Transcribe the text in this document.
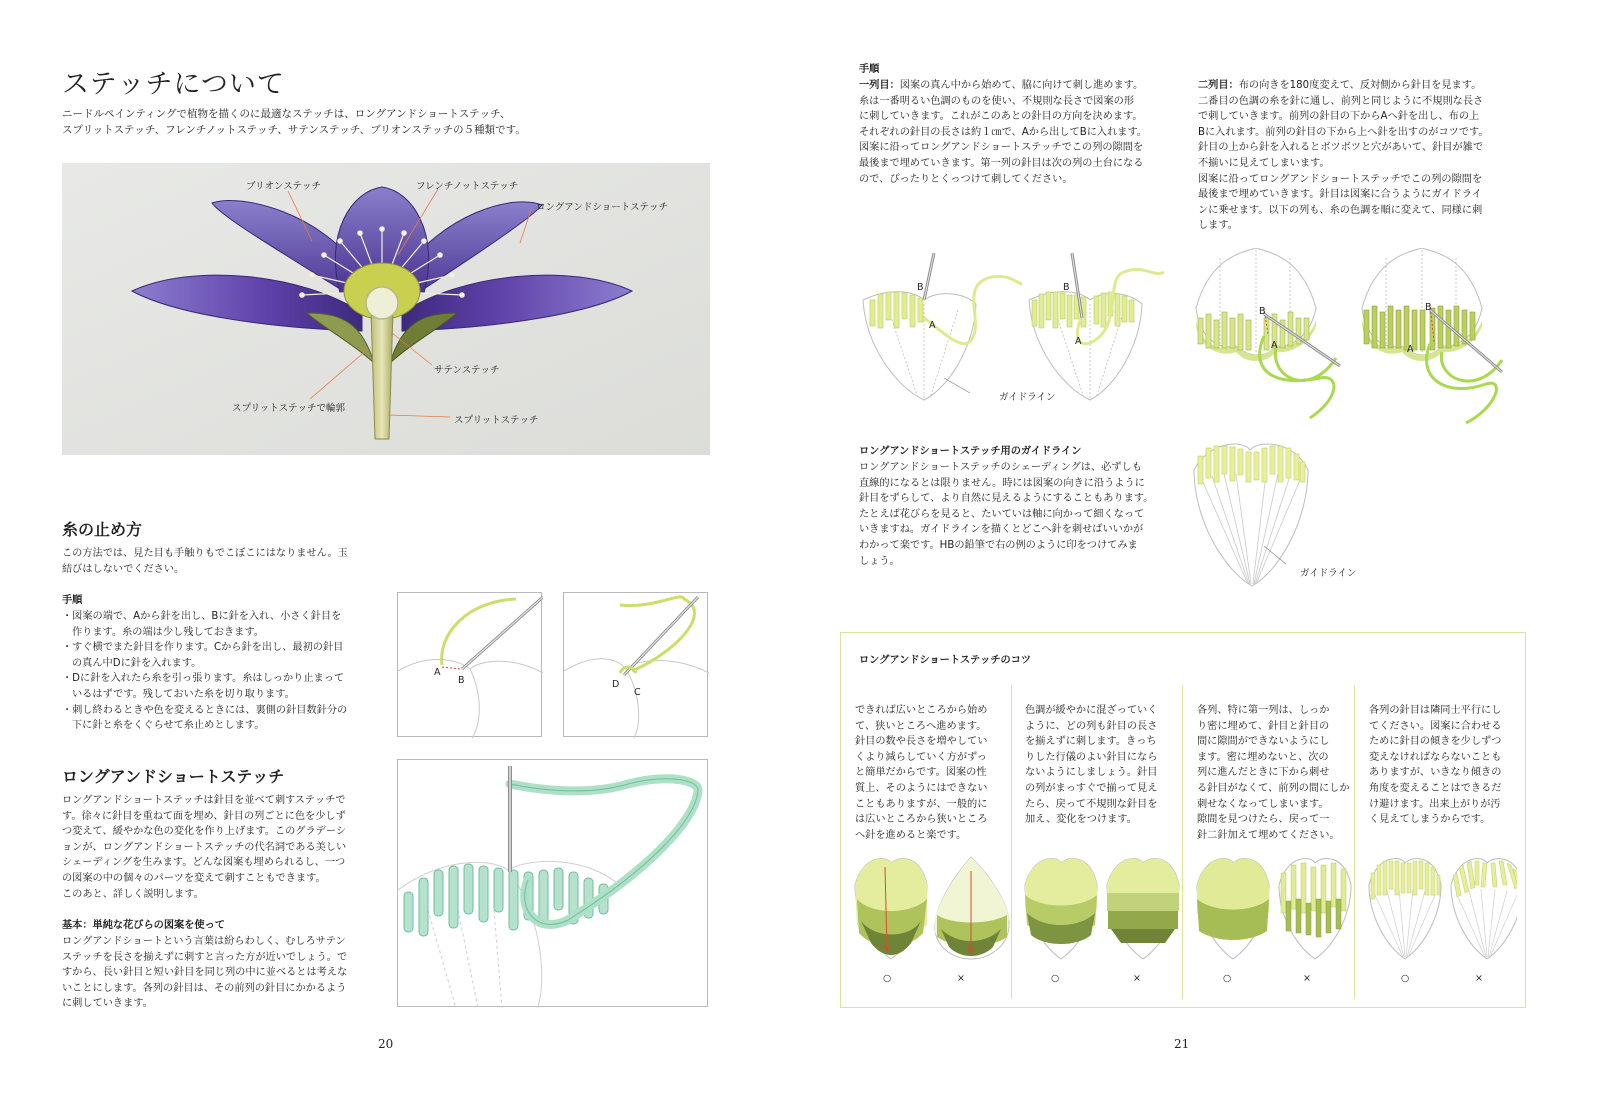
ステッチについて
ニードルペインティングで植物を描くのに最適なステッチは、ロングアンドショートステッチ、
スプリットステッチ、フレンチノットステッチ、サテンステッチ、ブリオンステッチの５種類です。
ブリオンステッチ	フレンチノットステッチ
ロングアンドショートステッチ
サテンステッチ
スプリットステッチで輪郭
スプリットステッチ
糸の止め方
この方法では、見た目も手触りもでこぼこにはなりません。玉
結びはしないでください。
手順
・図案の端で、Aから針を出し、Bに針を入れ、小さく針目を
作ります。糸の端は少し残しておきます。
・すぐ横でまた針目を作ります。Cから針を出し、最初の針目
の真ん中Dに針を入れます。
・Dに針を入れたら糸を引っ張ります。糸はしっかり止まって
いるはずです。残しておいた糸を切り取ります。
・刺し終わるときや色を変えるときには、裏側の針目数針分の
下に針と糸をくぐらせて糸止めとします。
A
B	D
C
ロングアンドショートステッチ
ロングアンドショートステッチは針目を並べて刺すステッチで
す。徐々に針目を重ねて面を埋め、針目の列ごとに色を少しず
つ変えて、緩やかな色の変化を作り上げます。このグラデーシ
ョンが、ロングアンドショートステッチの代名詞である美しい
シェーディングを生みます。どんな図案も埋められるし、一つ
の図案の中の個々のパーツを変えて刺すこともできます。
このあと、詳しく説明します。
基本：単純な花びらの図案を使って
ロングアンドショートという言葉は紛らわしく、むしろサテン
ステッチを長さを揃えずに刺すと言った方が近いでしょう。で
すから、長い針目と短い針目を同じ列の中に並べるとは考えな
いことにします。各列の針目は、その前列の針目にかかるよう
に刺していきます。
20
手順
一列目：図案の真ん中から始めて、脇に向けて刺し進めます。
糸は一番明るい色調のものを使い、不規則な長さで図案の形
に刺していきます。これがこのあとの針目の方向を決めます。
それぞれの針目の長さは約１㎝で、Aから出してBに入れます。
図案に沿ってロングアンドショートステッチでこの列の隙間を
最後まで埋めていきます。第一列の針目は次の列の土台になる
ので、ぴったりとくっつけて刺してください。
二列目：布の向きを180度変えて、反対側から針目を見ます。
二番目の色調の糸を針に通し、前列と同じように不規則な長さ
で刺していきます。前列の針目の下からAへ針を出し、布の上
Bに入れます。前列の針目の下から上へ針を出すのがコツです。
針目の上から針を入れるとボツボツと穴があいて、針目が雑で
不揃いに見えてしまいます。
図案に沿ってロングアンドショートステッチでこの列の隙間を
最後まで埋めていきます。針目は図案に合うようにガイドライ
ンに乗せます。以下の列も、糸の色調を順に変えて、同様に刺
します。
B
A
ガイドライン
B
A
B
A
B
A
ロングアンドショートステッチ用のガイドライン
ロングアンドショートステッチのシェーディングは、必ずしも
直線的になるとは限りません。時には図案の向きに沿うように
針目をずらして、より自然に見えるようにすることもあります。
たとえば花びらを見ると、たいていは軸に向かって細くなって
いきますね。ガイドラインを描くとどこへ針を刺せばいいかが
わかって楽です。HBの鉛筆で右の例のように印をつけてみま
しょう。
ガイドライン
ロングアンドショートステッチのコツ
できれば広いところから始め
て、狭いところへ進めます。
針目の数や長さを増やしてい
くより減らしていく方がずっ
と簡単だからです。図案の性
質上、そのようにはできない
こともありますが、一般的に
は広いところから狭いところ
へ針を進めると楽です。
色調が緩やかに混ざっていく
ように、どの列も針目の長さ
を揃えずに刺します。きっち
りした行儀のよい針目になら
ないようにしましょう。針目
の列がまっすぐで揃って見え
たら、戻って不規則な針目を
加え、変化をつけます。
各列、特に第一列は、しっか
り密に埋めて、針目と針目の
間に隙間ができないようにし
ます。密に埋めないと、次の
列に進んだときに下から刺せ
る針目がなくて、前列の間にしか
刺せなくなってしまいます。
隙間を見つけたら、戻って一
針二針加えて埋めてください。
各列の針目は隣同士平行にし
てください。図案に合わせる
ために針目の傾きを少しずつ
変えなければならないことも
ありますが、いきなり傾きの
角度を変えることはできるだ
け避けます。出来上がりが汚
く見えてしまうからです。
○	×	○	×	○	×	○	×
21
